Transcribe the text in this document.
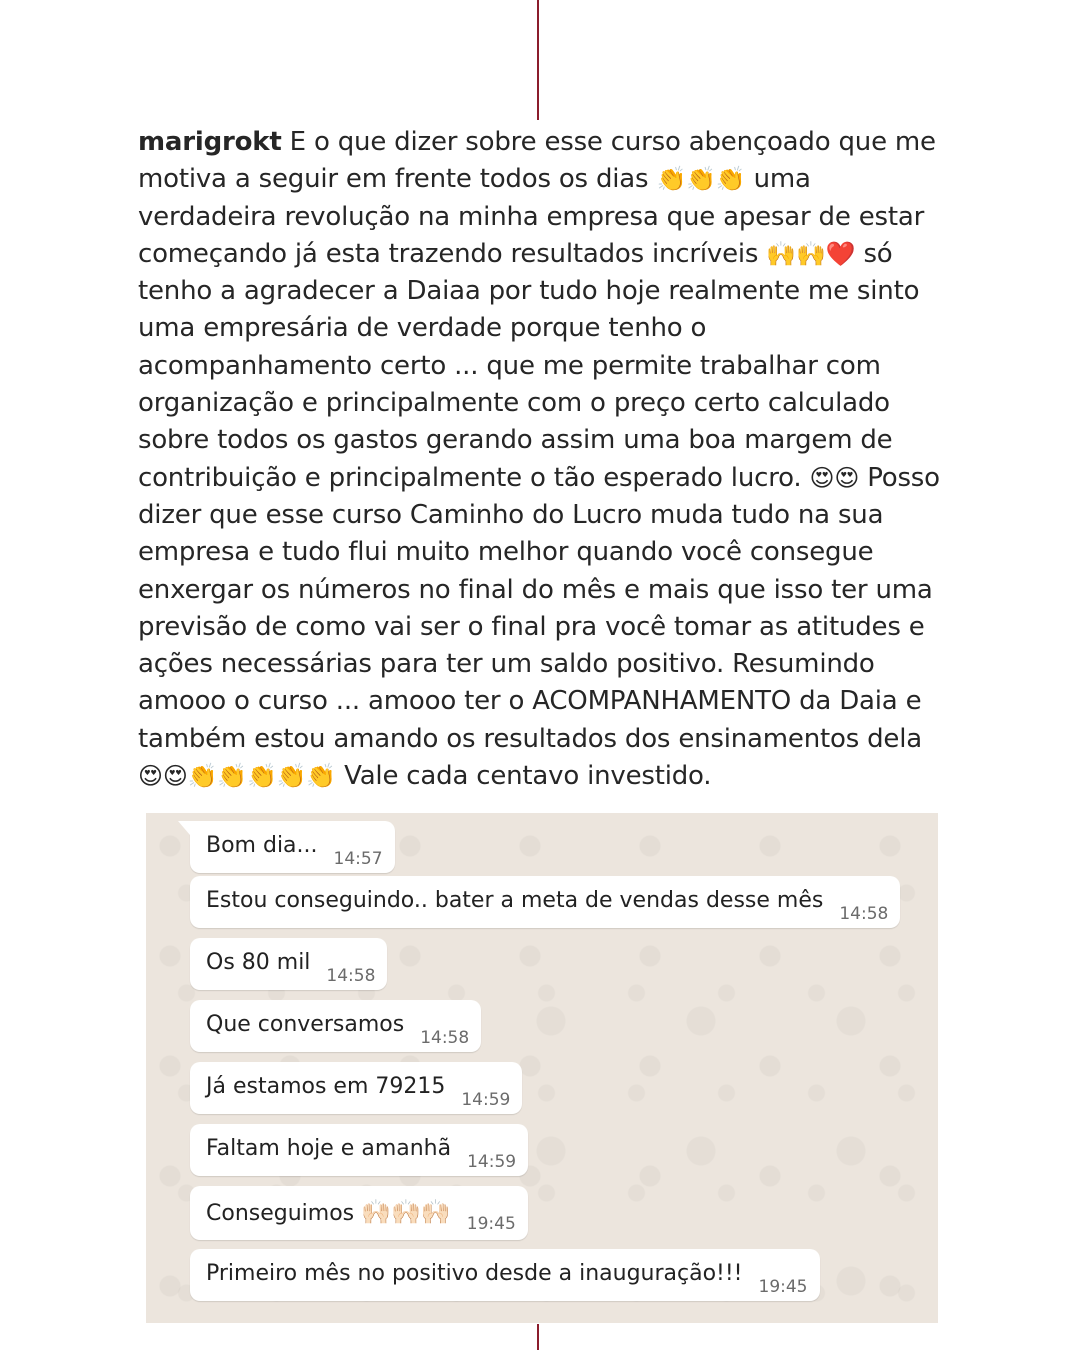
marigrokt E o que dizer sobre esse curso abençoado que me motiva a seguir em frente todos os dias 👏👏👏 uma verdadeira revolução na minha empresa que apesar de estar começando já esta trazendo resultados incríveis 🙌🙌❤️ só tenho a agradecer a Daiaa por tudo hoje realmente me sinto uma empresária de verdade porque tenho o acompanhamento certo ... que me permite trabalhar com organização e principalmente com o preço certo calculado sobre todos os gastos gerando assim uma boa margem de contribuição e principalmente o tão esperado lucro. 😍😍 Posso dizer que esse curso Caminho do Lucro muda tudo na sua empresa e tudo flui muito melhor quando você consegue enxergar os números no final do mês e mais que isso ter uma previsão de como vai ser o final pra você tomar as atitudes e ações necessárias para ter um saldo positivo. Resumindo amooo o curso ... amooo ter o ACOMPANHAMENTO da Daia e também estou amando os resultados dos ensinamentos dela 😍😍👏👏👏👏👏 Vale cada centavo investido.
Bom dia...
14:57
Estou conseguindo.. bater a meta de vendas desse mês
14:58
Os 80 mil
14:58
Que conversamos
14:58
Já estamos em 79215
14:59
Faltam hoje e amanhã
14:59
Conseguimos 🙌🏻🙌🏻🙌🏻 19:45
Primeiro mês no positivo desde a inauguração!!!
19:45
